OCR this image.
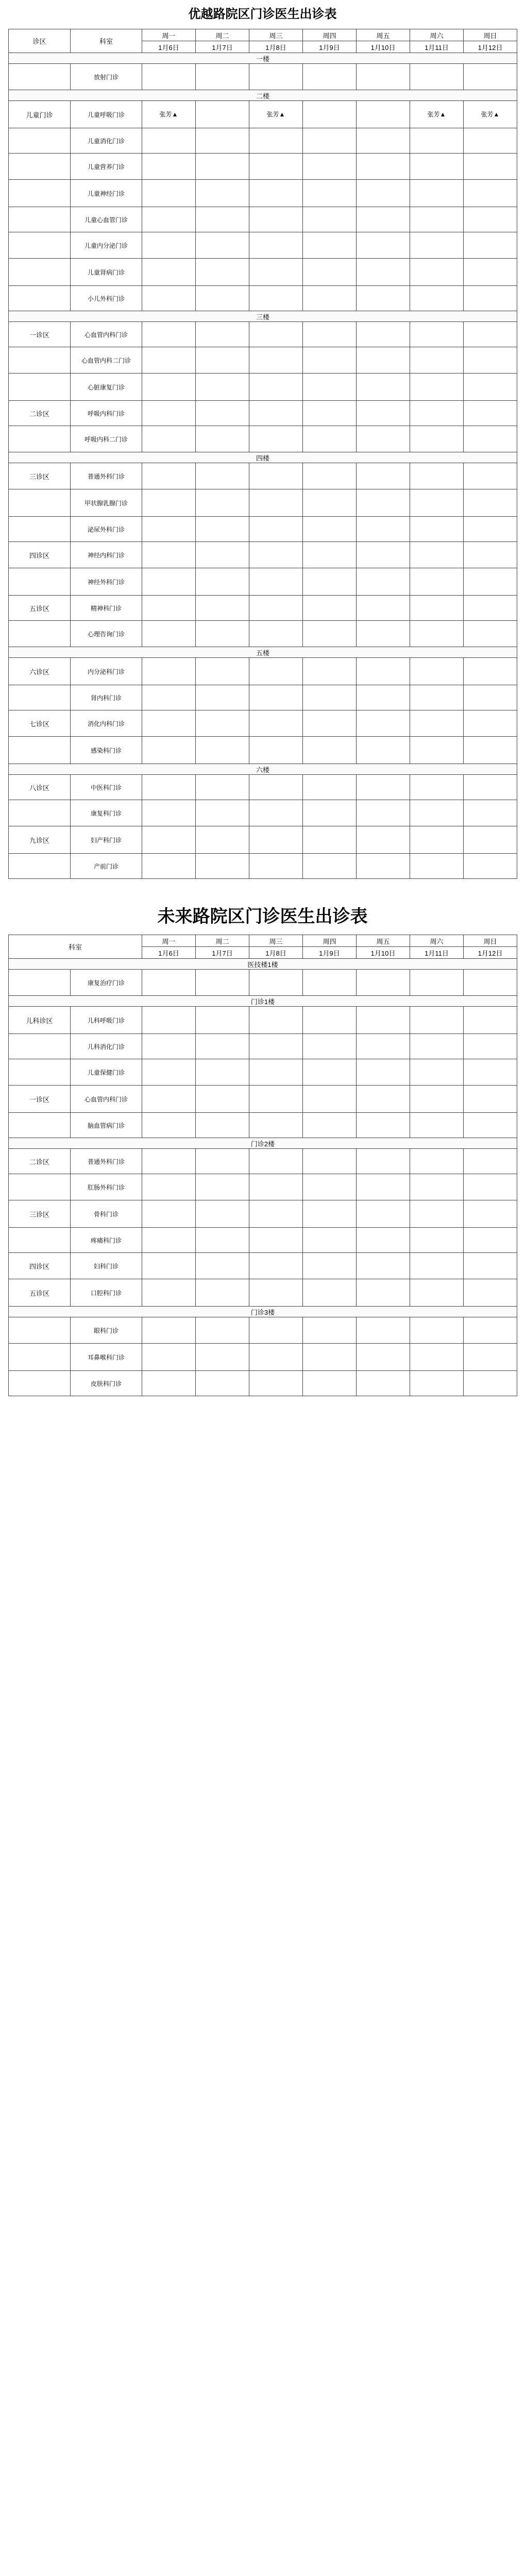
优越路院区门诊医生出诊表
诊区	科室	周一	周二	周三	周四	周五	周六	周日
		1月6日	1月7日	1月8日	1月9日	1月10日	1月11日	1月12日
一楼								
	放射门诊							
二楼								
儿童门诊	儿童呼吸门诊	张芳▲		张芳▲			张芳▲	张芳▲
	儿童消化门诊							
	儿童营养门诊							
	儿童神经门诊							
	儿童心血管门诊							
	儿童内分泌门诊							
	儿童肾病门诊							
	小儿外科门诊							
三楼								
一诊区	心血管内科门诊							
	心血管内科二门诊							
	心脏康复门诊							
二诊区	呼吸内科门诊							
	呼吸内科二门诊							
四楼								
三诊区	普通外科门诊							
	甲状腺乳腺门诊							
	泌尿外科门诊							
四诊区	神经内科门诊							
	神经外科门诊							
五诊区	精神科门诊							
	心理咨询门诊							
五楼								
六诊区	内分泌科门诊							
	肾内科门诊							
七诊区	消化内科门诊							
	感染科门诊							
六楼								
八诊区	中医科门诊							
	康复科门诊							
九诊区	妇产科门诊							
	产前门诊							
未来路院区门诊医生出诊表
科室		周一	周二	周三	周四	周五	周六	周日
		1月6日	1月7日	1月8日	1月9日	1月10日	1月11日	1月12日
医技楼1楼								
	康复治疗门诊							
门诊1楼								
儿科诊区	儿科呼吸门诊							
	儿科消化门诊							
	儿童保健门诊							
一诊区	心血管内科门诊							
	脑血管病门诊							
门诊2楼								
二诊区	普通外科门诊							
	肛肠外科门诊							
三诊区	骨科门诊							
	疼痛科门诊							
四诊区	妇科门诊							
五诊区	口腔科门诊							
门诊3楼								
	眼科门诊							
	耳鼻喉科门诊							
	皮肤科门诊							
